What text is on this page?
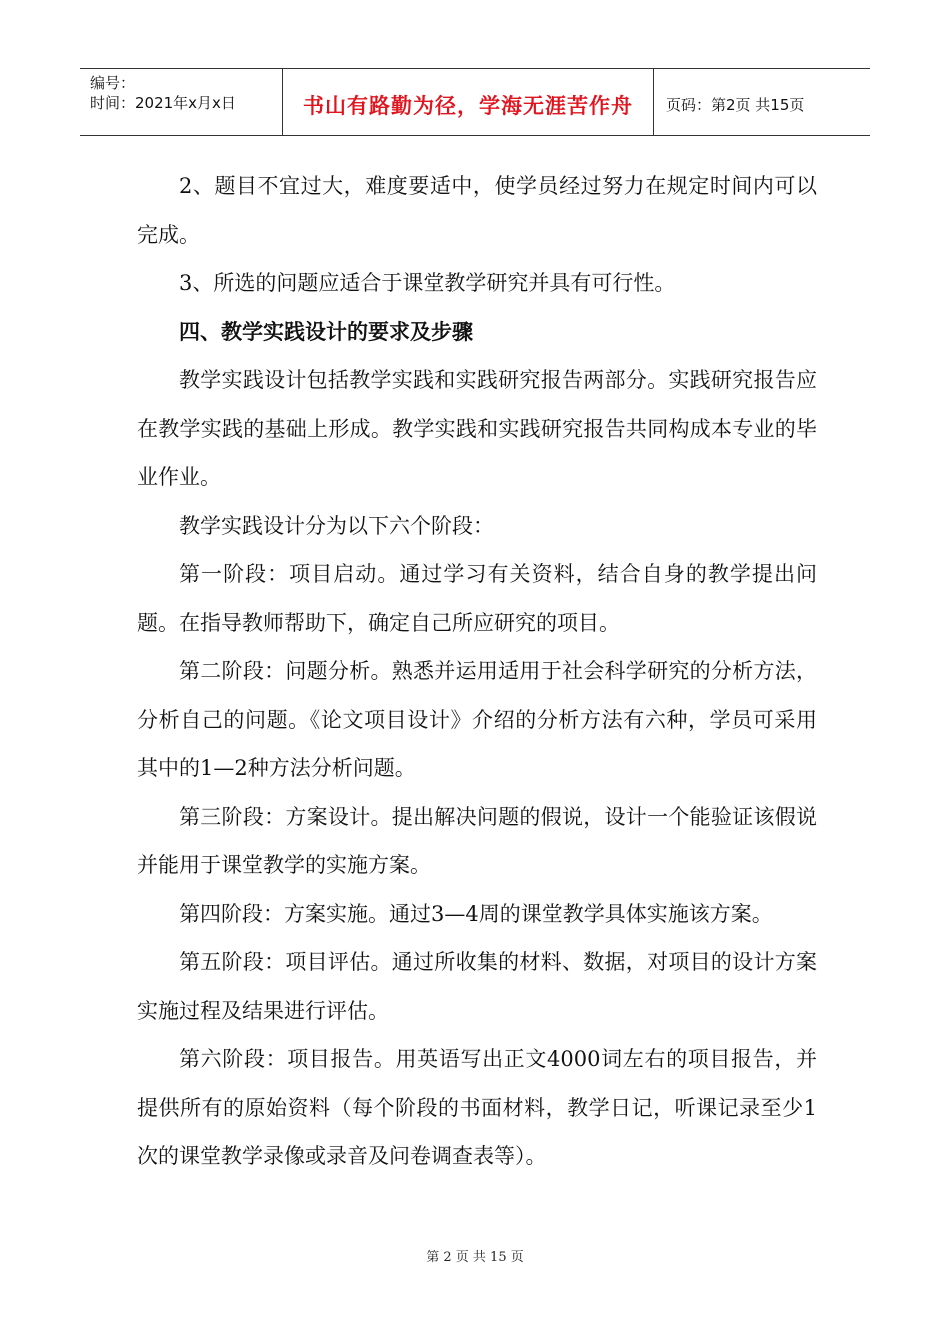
编号：
时间：2021年x月x日	书山有路勤为径，学海无涯苦作舟 页码：第2页 共15页

2、题目不宜过大，难度要适中，使学员经过努力在规定时间内可以完成。

3、所选的问题应适合于课堂教学研究并具有可行性。

四、教学实践设计的要求及步骤

教学实践设计包括教学实践和实践研究报告两部分。实践研究报告应在教学实践的基础上形成。教学实践和实践研究报告共同构成本专业的毕业作业。

教学实践设计分为以下六个阶段：

第一阶段：项目启动。通过学习有关资料，结合自身的教学提出问题。在指导教师帮助下，确定自己所应研究的项目。

第二阶段：问题分析。熟悉并运用适用于社会科学研究的分析方法，分析自己的问题。《论文项目设计》介绍的分析方法有六种，学员可采用其中的1—2种方法分析问题。

第三阶段：方案设计。提出解决问题的假说，设计一个能验证该假说并能用于课堂教学的实施方案。

第四阶段：方案实施。通过3—4周的课堂教学具体实施该方案。

第五阶段：项目评估。通过所收集的材料、数据，对项目的设计方案实施过程及结果进行评估。

第六阶段：项目报告。用英语写出正文4000词左右的项目报告，并提供所有的原始资料（每个阶段的书面材料，教学日记，听课记录至少1次的课堂教学录像或录音及问卷调查表等）。

第 2 页 共 15 页
